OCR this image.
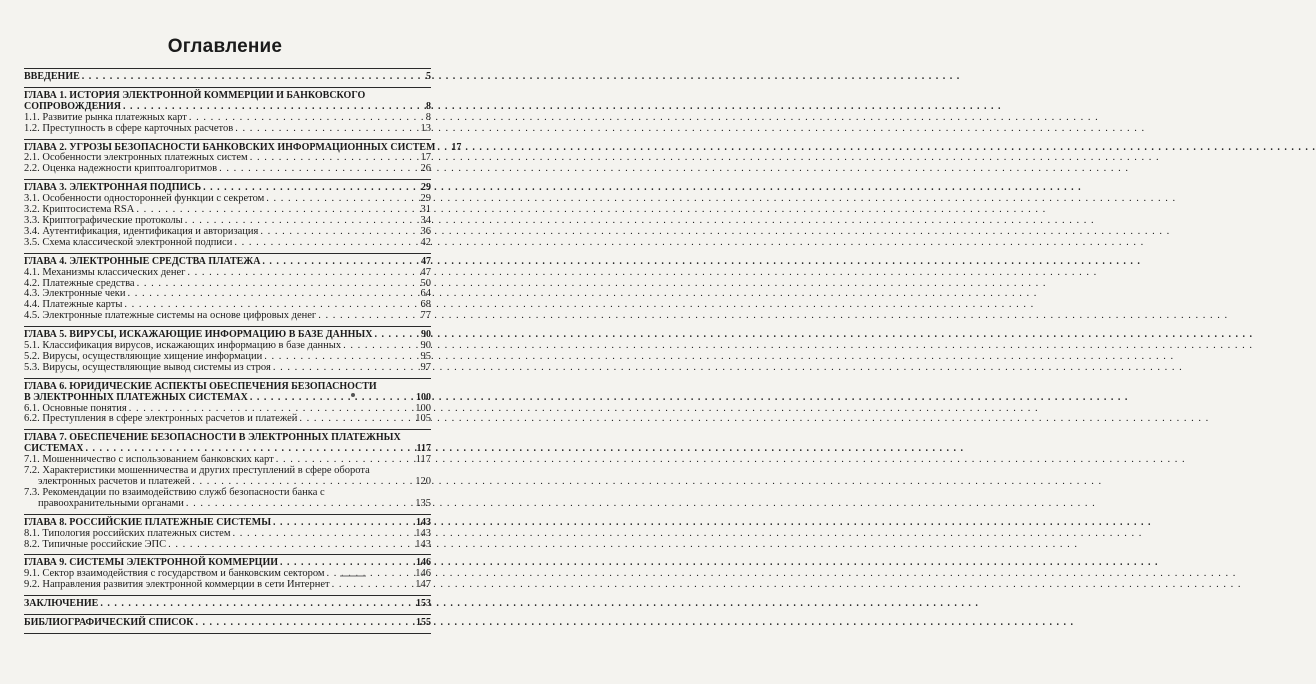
Оглавление
ВВЕДЕНИЕ . . .	5
ГЛАВА 1. ИСТОРИЯ ЭЛЕКТРОННОЙ КОММЕРЦИИ И БАНКОВСКОГО
СОПРОВОЖДЕНИЯ . . .	8
1.1. Развитие рынка платежных карт . . .	8
1.2. Преступность в сфере карточных расчетов . . .	13
ГЛАВА 2. УГРОЗЫ БЕЗОПАСНОСТИ БАНКОВСКИХ ИНФОРМАЦИОННЫХ СИСТЕМ . . .	17
2.1. Особенности электронных платежных систем . . .	17
2.2. Оценка надежности криптоалгоритмов . . .	26
ГЛАВА 3. ЭЛЕКТРОННАЯ ПОДПИСЬ . . .	29
3.1. Особенности односторонней функции с секретом . . .	29
3.2. Криптосистема RSA . . .	31
3.3. Криптографические протоколы . . .	34
3.4. Аутентификация, идентификация и авторизация . . .	36
3.5. Схема классической электронной подписи . . .	42
ГЛАВА 4. ЭЛЕКТРОННЫЕ СРЕДСТВА ПЛАТЕЖА . . .	47
4.1. Механизмы классических денег . . .	47
4.2. Платежные средства . . .	50
4.3. Электронные чеки . . .	64
4.4. Платежные карты . . .	68
4.5. Электронные платежные системы на основе цифровых денег . . .	77
ГЛАВА 5. ВИРУСЫ, ИСКАЖАЮЩИЕ ИНФОРМАЦИЮ В БАЗЕ ДАННЫХ . . .	90
5.1. Классификация вирусов, искажающих информацию в базе данных . . .	90
5.2. Вирусы, осуществляющие хищение информации . . .	95
5.3. Вирусы, осуществляющие вывод системы из строя . . .	97
ГЛАВА 6. ЮРИДИЧЕСКИЕ АСПЕКТЫ ОБЕСПЕЧЕНИЯ БЕЗОПАСНОСТИ
В ЭЛЕКТРОННЫХ ПЛАТЕЖНЫХ СИСТЕМАХ . . .	100
6.1. Основные понятия . . .	100
6.2. Преступления в сфере электронных расчетов и платежей . . .	105
ГЛАВА 7. ОБЕСПЕЧЕНИЕ БЕЗОПАСНОСТИ В ЭЛЕКТРОННЫХ ПЛАТЕЖНЫХ
СИСТЕМАХ . . .	117
7.1. Мошенничество с использованием банковских карт . . .	117
7.2. Характеристики мошенничества и других преступлений в сфере оборота
электронных расчетов и платежей . . .	120
7.3. Рекомендации по взаимодействию служб безопасности банка с
правоохранительными органами . . .	135
ГЛАВА 8. РОССИЙСКИЕ ПЛАТЕЖНЫЕ СИСТЕМЫ . . .	143
8.1. Типология российских платежных систем . . .	143
8.2. Типичные российские ЭПС . . .	143
ГЛАВА 9. СИСТЕМЫ ЭЛЕКТРОННОЙ КОММЕРЦИИ . . .	146
9.1. Сектор взаимодействия с государством и банковским сектором . . .	146
9.2. Направления развития электронной коммерции в сети Интернет . . .	147
ЗАКЛЮЧЕНИЕ . . .	153
БИБЛИОГРАФИЧЕСКИЙ СПИСОК . . .	155
